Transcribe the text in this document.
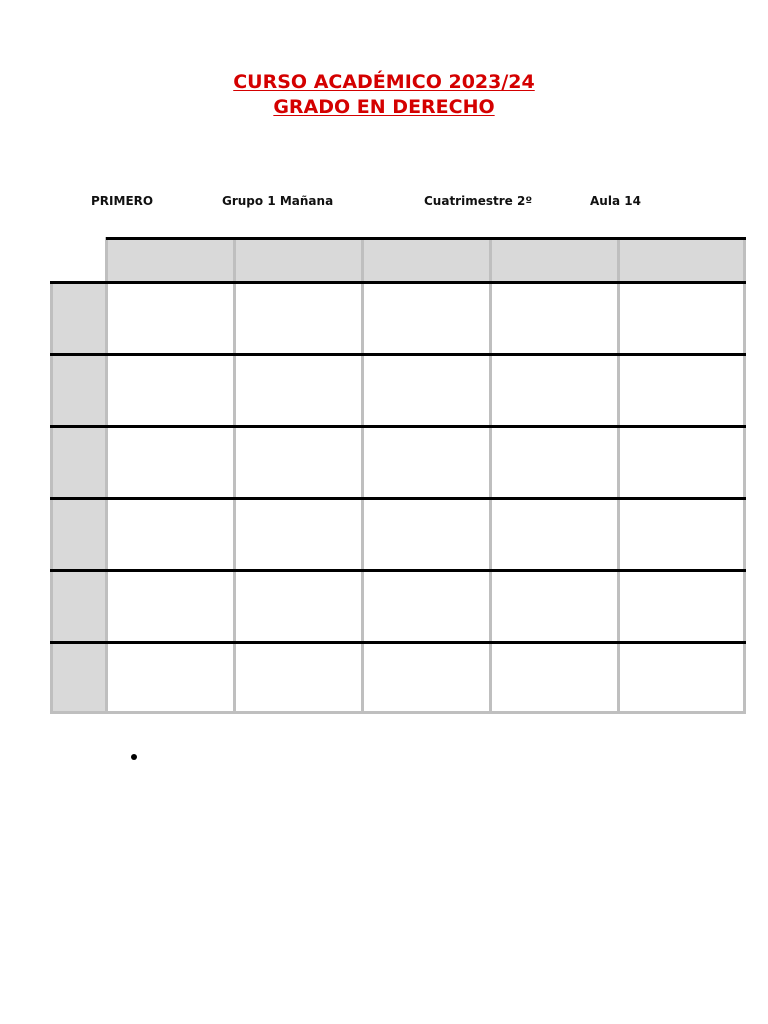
CURSO ACADÉMICO 2023/24
GRADO EN DERECHO
PRIMERO	Grupo 1 Mañana	Cuatrimestre 2º	Aula 14
